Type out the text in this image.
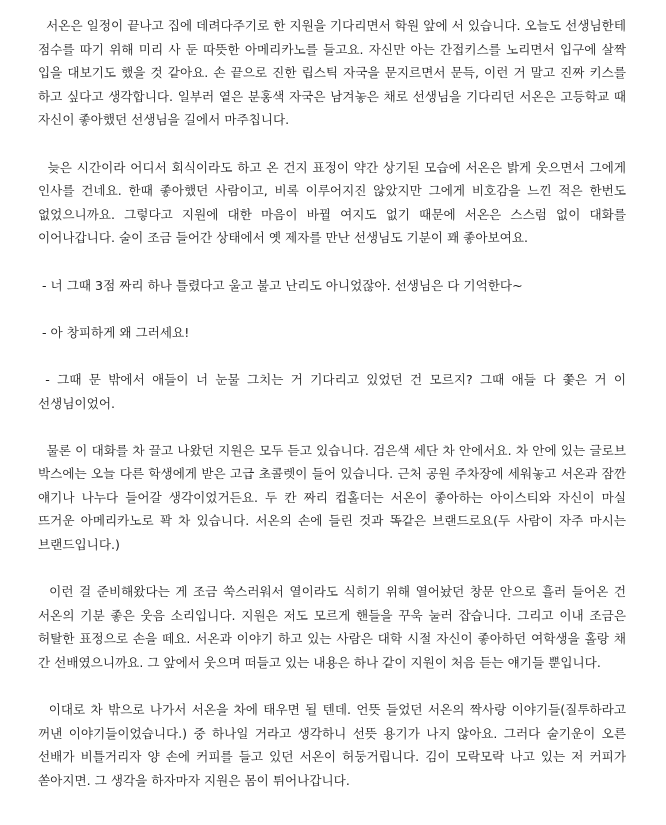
서온은 일정이 끝나고 집에 데려다주기로 한 지원을 기다리면서 학원 앞에 서 있습니다. 오늘도 선생님한테 점수를 따기 위해 미리 사 둔 따뜻한 아메리카노를 들고요. 자신만 아는 간접키스를 노리면서 입구에 살짝 입을 대보기도 했을 것 같아요. 손 끝으로 진한 립스틱 자국을 문지르면서 문득, 이런 거 말고 진짜 키스를 하고 싶다고 생각합니다. 일부러 옅은 분홍색 자국은 남겨놓은 채로 선생님을 기다리던 서온은 고등학교 때 자신이 좋아했던 선생님을 길에서 마주칩니다.

늦은 시간이라 어디서 회식이라도 하고 온 건지 표정이 약간 상기된 모습에 서온은 밝게 웃으면서 그에게 인사를 건네요. 한때 좋아했던 사람이고, 비록 이루어지진 않았지만 그에게 비호감을 느낀 적은 한번도 없었으니까요. 그렇다고 지원에 대한 마음이 바뀔 여지도 없기 때문에 서온은 스스럼 없이 대화를 이어나갑니다. 술이 조금 들어간 상태에서 옛 제자를 만난 선생님도 기분이 꽤 좋아보여요.

- 너 그때 3점 짜리 하나 틀렸다고 울고 불고 난리도 아니었잖아. 선생님은 다 기억한다~

- 아 창피하게 왜 그러세요!

- 그때 문 밖에서 애들이 너 눈물 그치는 거 기다리고 있었던 건 모르지? 그때 애들 다 쫓은 거 이 선생님이었어.

물론 이 대화를 차 끌고 나왔던 지원은 모두 듣고 있습니다. 검은색 세단 차 안에서요. 차 안에 있는 글로브 박스에는 오늘 다른 학생에게 받은 고급 초콜렛이 들어 있습니다. 근처 공원 주차장에 세워놓고 서온과 잠깐 얘기나 나누다 들어갈 생각이었거든요. 두 칸 짜리 컵홀더는 서온이 좋아하는 아이스티와 자신이 마실 뜨거운 아메리카노로 꽉 차 있습니다. 서온의 손에 들린 것과 똑같은 브랜드로요(두 사람이 자주 마시는 브랜드입니다.)

이런 걸 준비해왔다는 게 조금 쑥스러워서 열이라도 식히기 위해 열어놨던 창문 안으로 흘러 들어온 건 서온의 기분 좋은 웃음 소리입니다. 지원은 저도 모르게 핸들을 꾸욱 눌러 잡습니다. 그리고 이내 조금은 허탈한 표정으로 손을 떼요. 서온과 이야기 하고 있는 사람은 대학 시절 자신이 좋아하던 여학생을 홀랑 채 간 선배였으니까요. 그 앞에서 웃으며 떠들고 있는 내용은 하나 같이 지원이 처음 듣는 얘기들 뿐입니다.

이대로 차 밖으로 나가서 서온을 차에 태우면 될 텐데. 언뜻 들었던 서온의 짝사랑 이야기들(질투하라고 꺼낸 이야기들이었습니다.) 중 하나일 거라고 생각하니 선뜻 용기가 나지 않아요. 그러다 술기운이 오른 선배가 비틀거리자 양 손에 커피를 들고 있던 서온이 허둥거립니다. 김이 모락모락 나고 있는 저 커피가 쏟아지면. 그 생각을 하자마자 지원은 몸이 튀어나갑니다.
